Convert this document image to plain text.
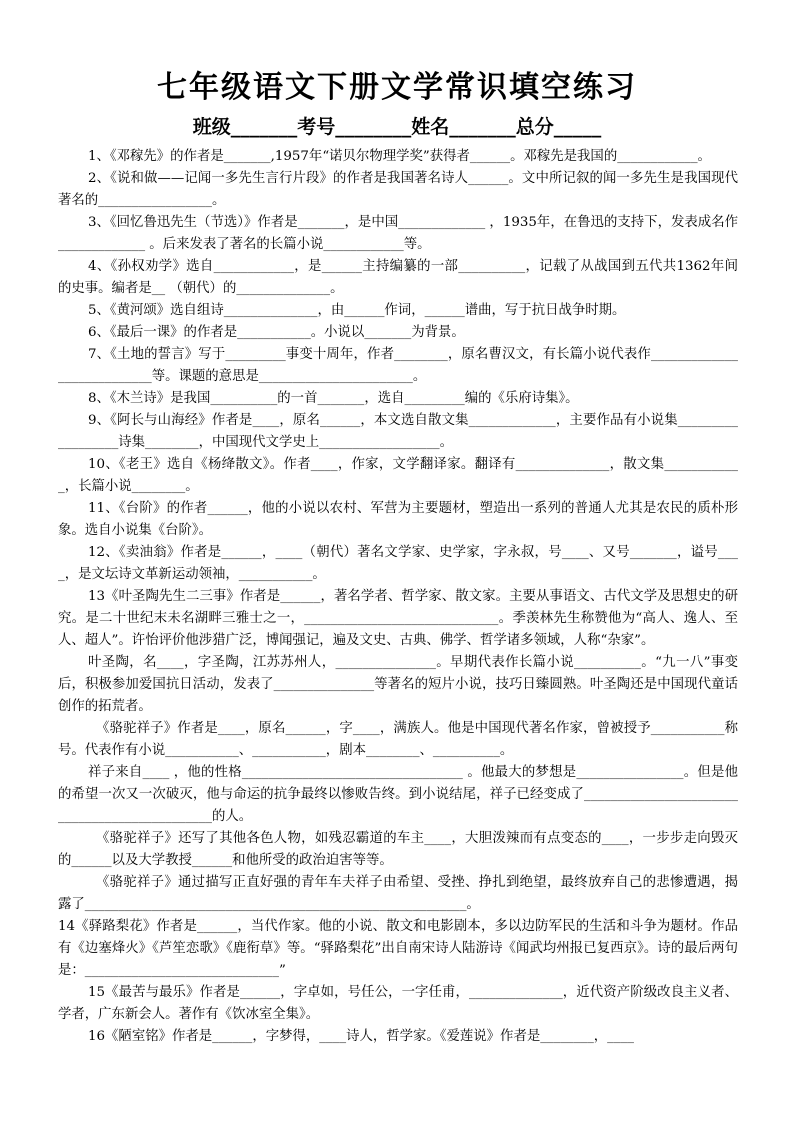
七年级语文下册文学常识填空练习
班级_______考号________姓名_______总分_____

1、《邓稼先》的作者是_______,1957年“诺贝尔物理学奖”获得者______。邓稼先是我国的____________。

2、《说和做——记闻一多先生言行片段》的作者是我国著名诗人______。文中所记叙的闻一多先生是我国现代著名的_________________。

3、《回忆鲁迅先生（节选）》作者是_______，是中国_____________ ，1935年，在鲁迅的支持下，发表成名作_____________ 。后来发表了著名的长篇小说____________等。

4、《孙权劝学》选自____________，是______主持编纂的一部__________，记载了从战国到五代共1362年间的史事。编者是__ （朝代）的______________。

5、《黄河颂》选自组诗______________，由______作词，______谱曲，写于抗日战争时期。

6、《最后一课》的作者是___________。小说以_______为背景。

7、《土地的誓言》写于_________事变十周年，作者________，原名曹汉文，有长篇小说代表作___________________________等。课题的意思是_______________________。

8、《木兰诗》是我国__________的一首_______，选自_________编的《乐府诗集》。

9、《阿长与山海经》作者是____，原名______，本文选自散文集_____________，主要作品有小说集__________________诗集________，中国现代文学史上__________________。

10、《老王》选自《杨绛散文》。作者____，作家，文学翻译家。翻译有______________，散文集____________，长篇小说________。

11、《台阶》的作者______，他的小说以农村、军营为主要题材，塑造出一系列的普通人尤其是农民的质朴形象。选自小说集《台阶》。

12、《卖油翁》作者是______，____（朝代）著名文学家、史学家，字永叔，号____、又号_______，谥号____，是文坛诗文革新运动领袖，___________。

13《叶圣陶先生二三事》作者是______，著名学者、哲学家、散文家。主要从事语文、古代文学及思想史的研究。是二十世纪末未名湖畔三雅士之一，_____________________________。季羡林先生称赞他为“高人、逸人、至人、超人”。许怡评价他涉猎广泛，博闻强记，遍及文史、古典、佛学、哲学诸多领域，人称“杂家”。

叶圣陶，名____，字圣陶，江苏苏州人，_______________。早期代表作长篇小说__________。“九一八”事变后，积极参加爱国抗日活动，发表了_______________等著名的短片小说，技巧日臻圆熟。叶圣陶还是中国现代童话创作的拓荒者。

《骆驼祥子》作者是____，原名______，字____，满族人。他是中国现代著名作家，曾被授予___________称号。代表作有小说___________、___________，剧本________、__________。

祥子来自____ ，他的性格_________________________________ 。他最大的梦想是________________。但是他的希望一次又一次破灭，他与命运的抗争最终以惨败告终。到小说结尾，祥子已经变成了______________________________________________的人。

《骆驼祥子》还写了其他各色人物，如残忍霸道的车主____，大胆泼辣而有点变态的____，一步步走向毁灭的______以及大学教授______和他所受的政治迫害等等。

《骆驼祥子》通过描写正直好强的青年车夫祥子由希望、受挫、挣扎到绝望，最终放弃自己的悲惨遭遇，揭露了_________________________________________________________。

14《驿路梨花》作者是______，当代作家。他的小说、散文和电影剧本，多以边防军民的生活和斗争为题材。作品有《边塞烽火》《芦笙恋歌》《鹿衔草》等。“驿路梨花”出自南宋诗人陆游诗《闻武均州报已复西京》。诗的最后两句是：_____________________________”

15《最苦与最乐》作者是______，字卓如，号任公，一字任甫，______________，近代资产阶级改良主义者、学者，广东新会人。著作有《饮冰室全集》。

16《陋室铭》作者是______，字梦得，____诗人，哲学家。《爱莲说》作者是________，____
